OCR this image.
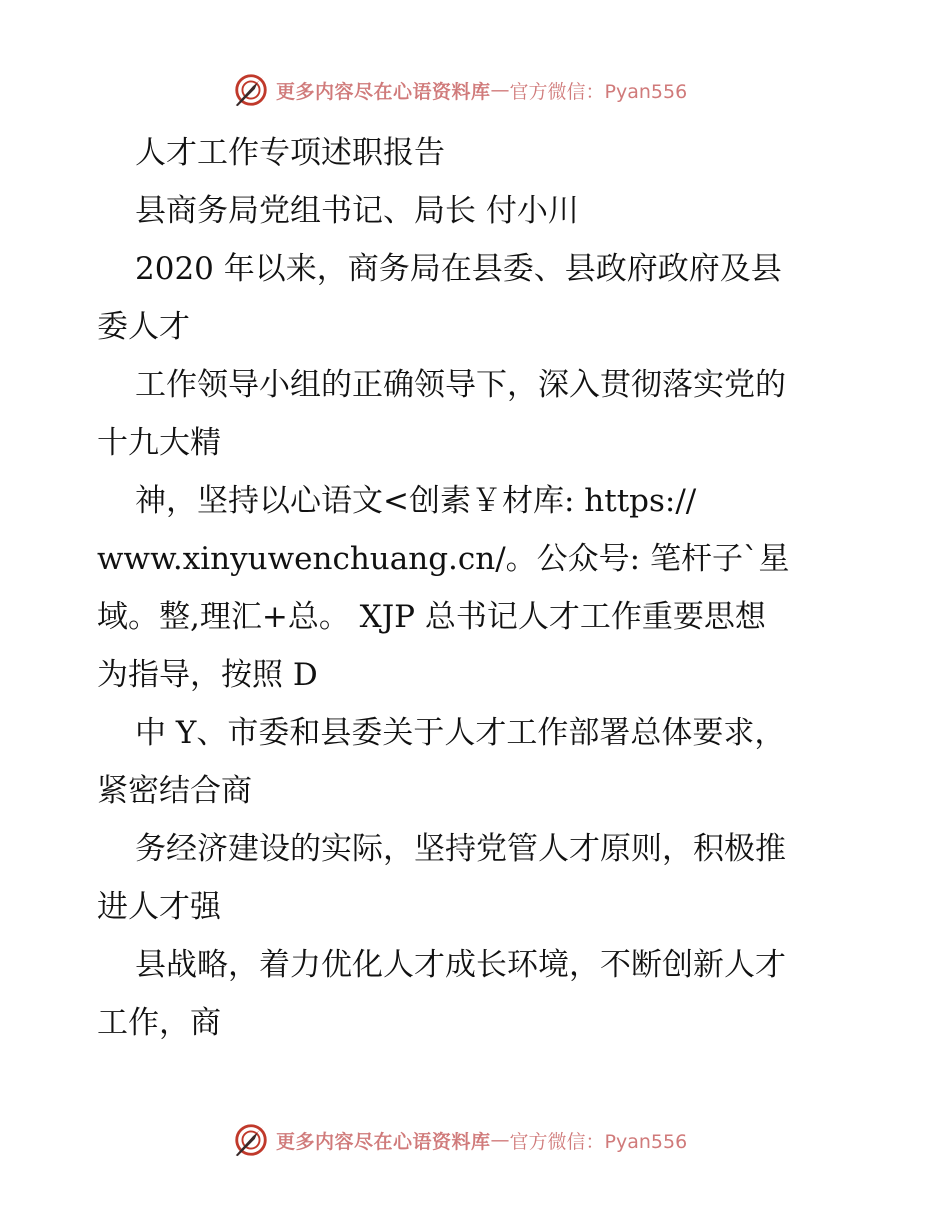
更多内容尽在心语资料库 — 官方微信：Pyan556
人才工作专项述职报告
县商务局党组书记、局长 付小川
2020 年以来，商务局在县委、县政府政府及县
委人才
工作领导小组的正确领导下，深入贯彻落实党的
十九大精
神，坚持以心语文<创素￥材库: https://
www.xinyuwenchuang.cn/。公众号: 笔杆子`星
域。整,理汇+总。 XJP 总书记人才工作重要思想
为指导，按照 D
中 Y、市委和县委关于人才工作部署总体要求，
紧密结合商
务经济建设的实际，坚持党管人才原则，积极推
进人才强
县战略，着力优化人才成长环境，不断创新人才
工作，商
更多内容尽在心语资料库 — 官方微信：Pyan556
